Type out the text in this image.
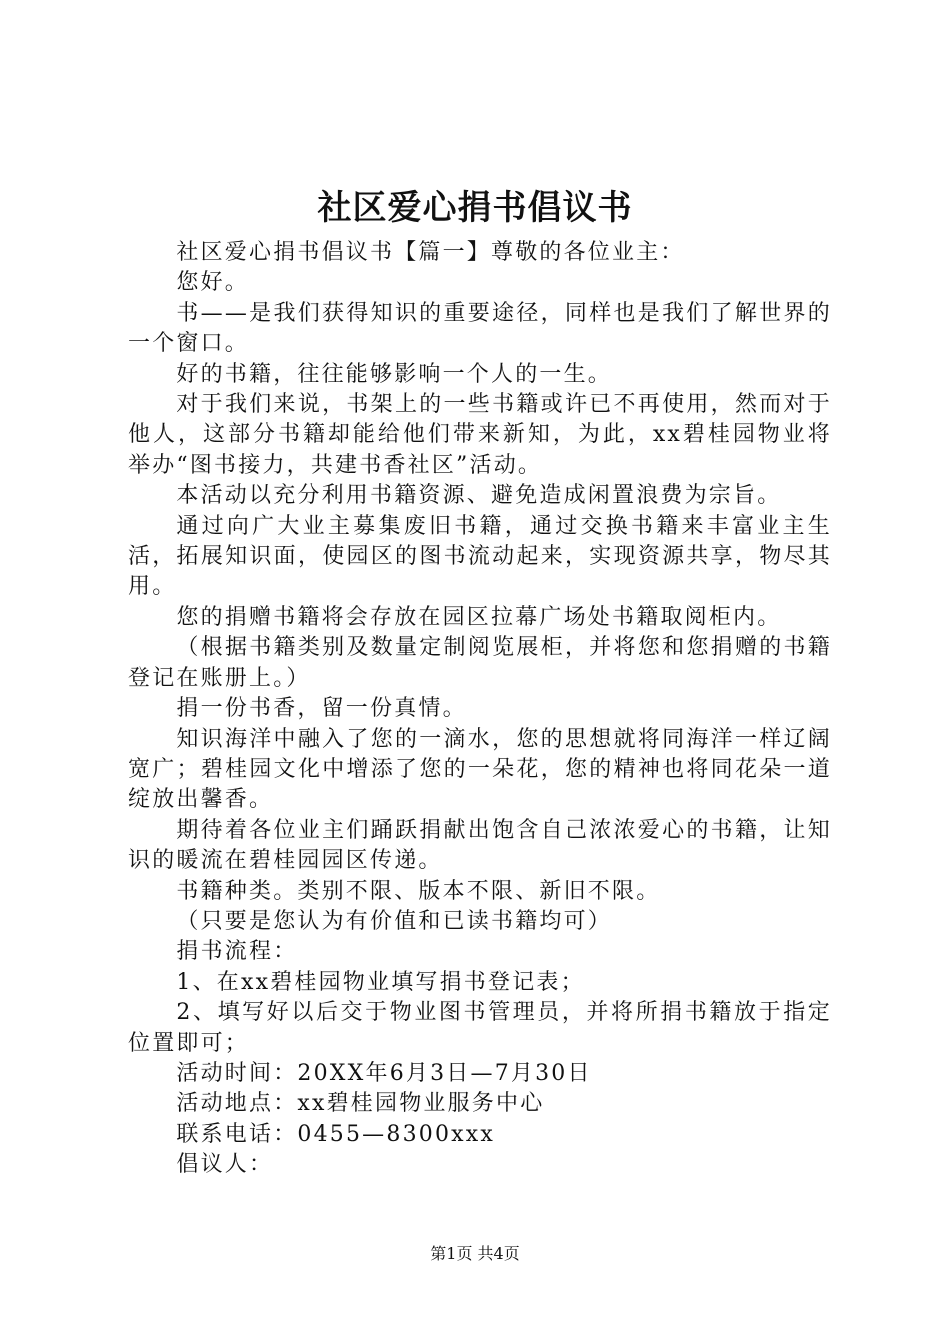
社区爱心捐书倡议书

社区爱心捐书倡议书【篇一】尊敬的各位业主：

您好。

书——是我们获得知识的重要途径，同样也是我们了解世界的一个窗口。

好的书籍，往往能够影响一个人的一生。

对于我们来说，书架上的一些书籍或许已不再使用，然而对于他人，这部分书籍却能给他们带来新知，为此，xx碧桂园物业将举办“图书接力，共建书香社区”活动。

本活动以充分利用书籍资源、避免造成闲置浪费为宗旨。

通过向广大业主募集废旧书籍，通过交换书籍来丰富业主生活，拓展知识面，使园区的图书流动起来，实现资源共享，物尽其用。

您的捐赠书籍将会存放在园区拉幕广场处书籍取阅柜内。

（根据书籍类别及数量定制阅览展柜，并将您和您捐赠的书籍登记在账册上。）

捐一份书香，留一份真情。

知识海洋中融入了您的一滴水，您的思想就将同海洋一样辽阔宽广；碧桂园文化中增添了您的一朵花，您的精神也将同花朵一道绽放出馨香。

期待着各位业主们踊跃捐献出饱含自己浓浓爱心的书籍，让知识的暖流在碧桂园园区传递。

书籍种类。类别不限、版本不限、新旧不限。

（只要是您认为有价值和已读书籍均可）

捐书流程：

1、在xx碧桂园物业填写捐书登记表；

2、填写好以后交于物业图书管理员，并将所捐书籍放于指定位置即可；

活动时间：20XX年6月3日—7月30日

活动地点：xx碧桂园物业服务中心

联系电话：0455—8300xxx

倡议人：

第1页 共4页
